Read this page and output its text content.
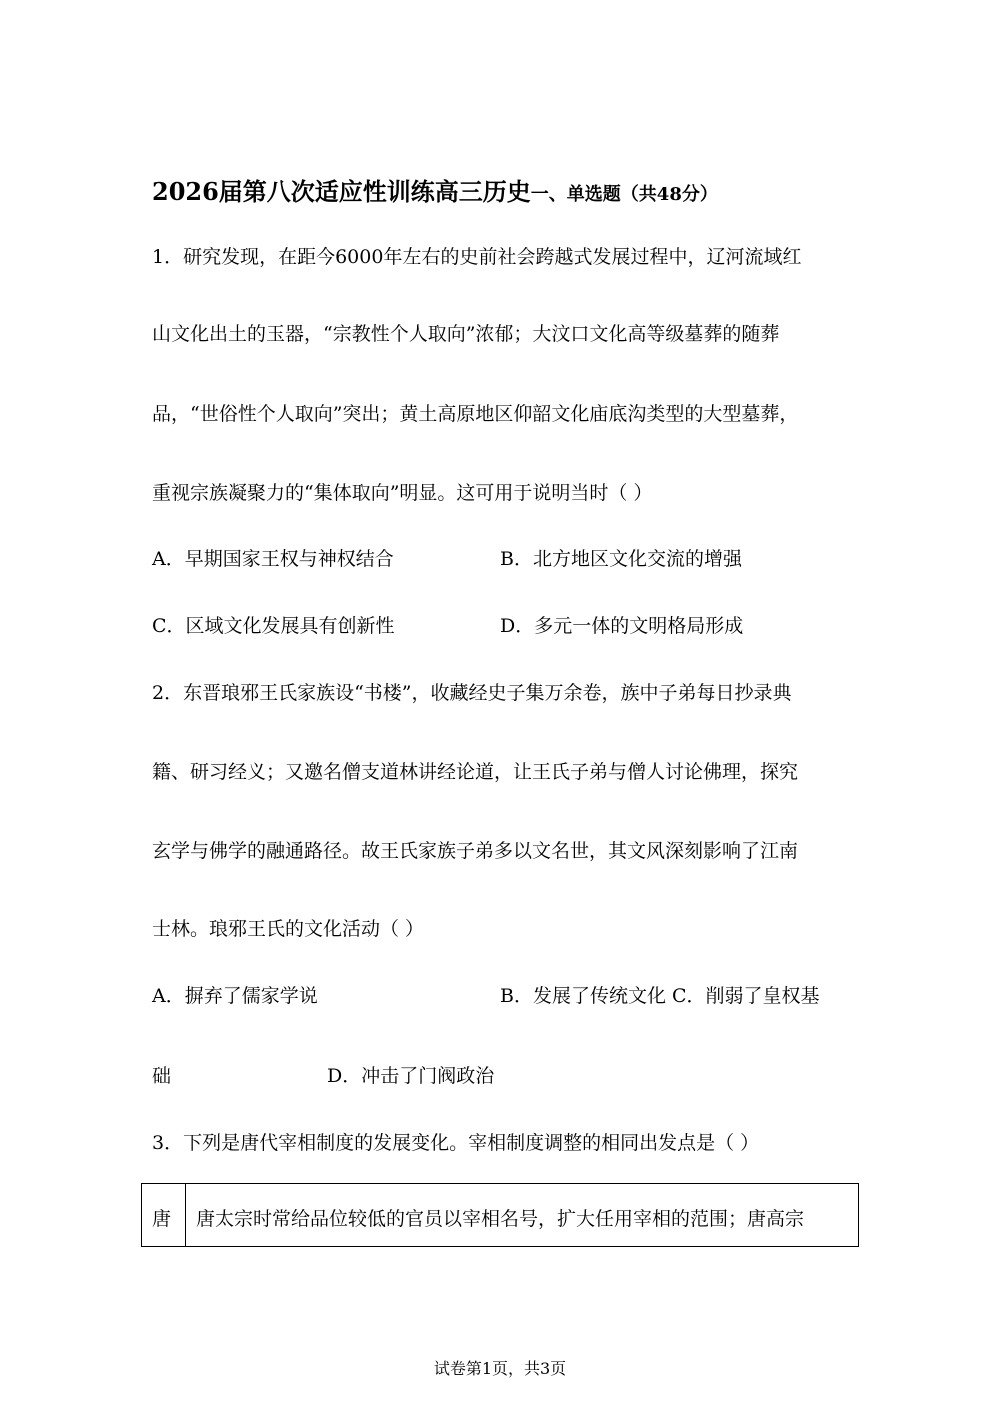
2026届第八次适应性训练高三历史一、单选题（共48分）
1．研究发现，在距今6000年左右的史前社会跨越式发展过程中，辽河流域红
山文化出土的玉器，“宗教性个人取向”浓郁；大汶口文化高等级墓葬的随葬
品，“世俗性个人取向”突出；黄土高原地区仰韶文化庙底沟类型的大型墓葬，
重视宗族凝聚力的“集体取向”明显。这可用于说明当时（ ）
A．早期国家王权与神权结合	B．北方地区文化交流的增强
C．区域文化发展具有创新性	D．多元一体的文明格局形成
2．东晋琅邪王氏家族设“书楼”，收藏经史子集万余卷，族中子弟每日抄录典
籍、研习经义；又邀名僧支道林讲经论道，让王氏子弟与僧人讨论佛理，探究
玄学与佛学的融通路径。故王氏家族子弟多以文名世，其文风深刻影响了江南
士林。琅邪王氏的文化活动（ ）
A．摒弃了儒家学说	B．发展了传统文化 C．削弱了皇权基
础	D．冲击了门阀政治
3．下列是唐代宰相制度的发展变化。宰相制度调整的相同出发点是（ ）
唐 唐太宗时常给品位较低的官员以宰相名号，扩大任用宰相的范围；唐高宗
试卷第1页，共3页
